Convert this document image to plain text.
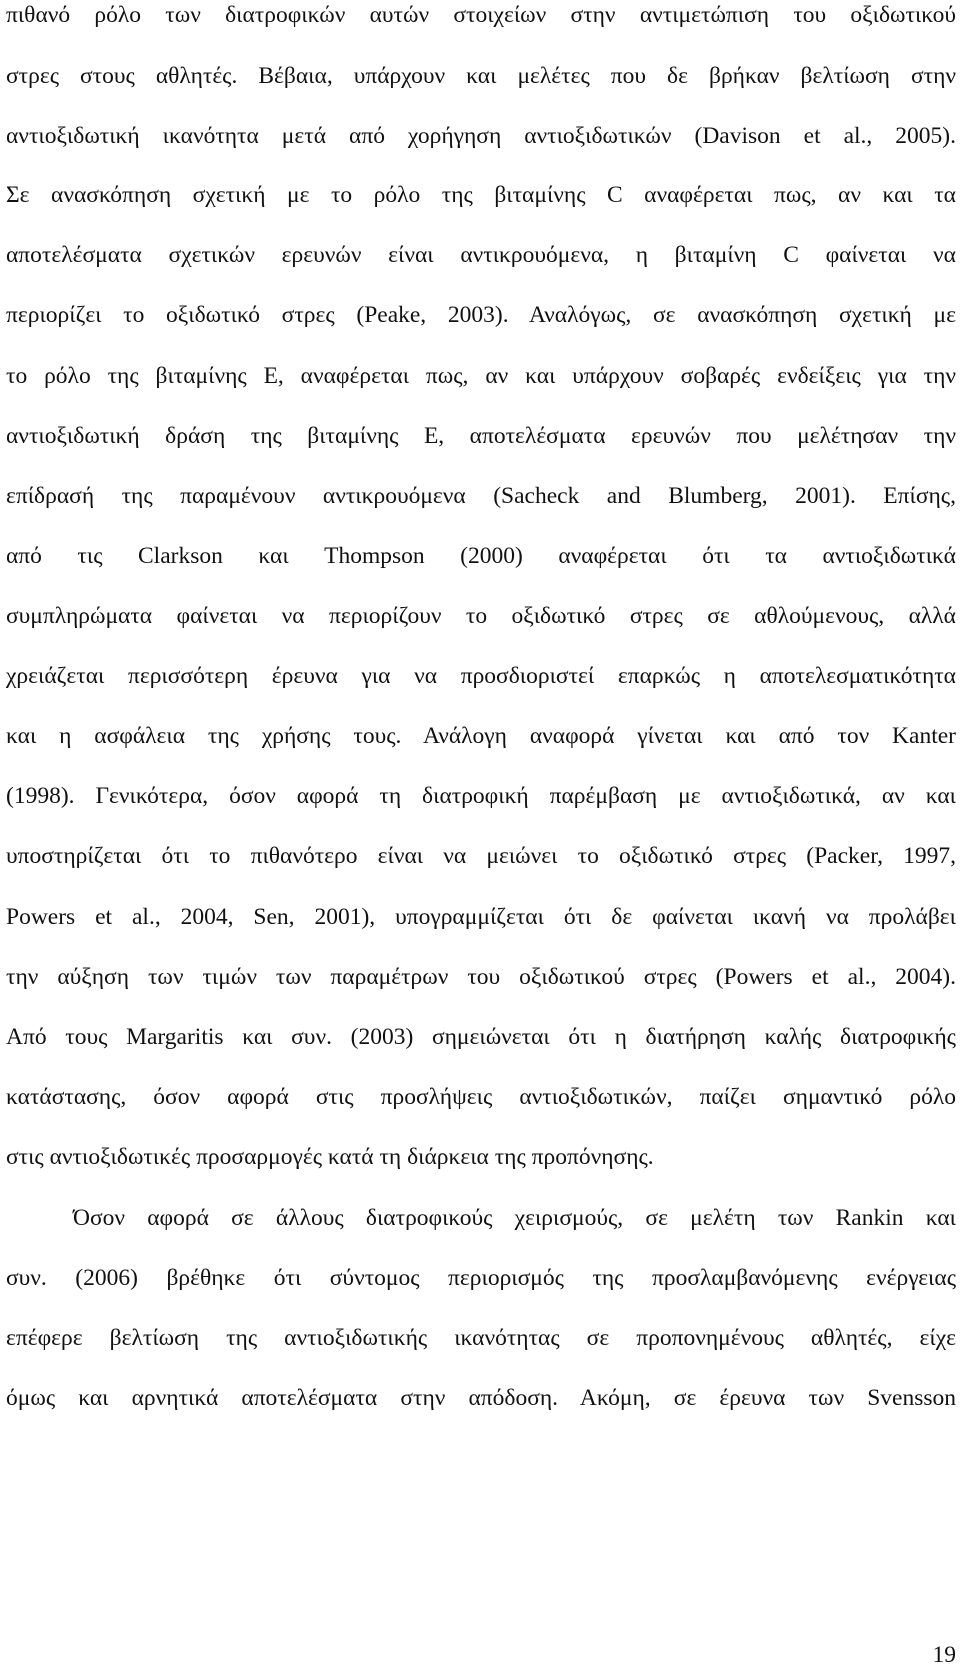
πιθανό ρόλο των διατροφικών αυτών στοιχείων στην αντιμετώπιση του οξιδωτικού
στρες στους αθλητές. Βέβαια, υπάρχουν και μελέτες που δε βρήκαν βελτίωση στην
αντιοξιδωτική ικανότητα μετά από χορήγηση αντιοξιδωτικών (Davison et al., 2005).
Σε ανασκόπηση σχετική με το ρόλο της βιταμίνης C αναφέρεται πως, αν και τα
αποτελέσματα σχετικών ερευνών είναι αντικρουόμενα, η βιταμίνη C φαίνεται να
περιορίζει το οξιδωτικό στρες (Peake, 2003). Αναλόγως, σε ανασκόπηση σχετική με
το ρόλο της βιταμίνης Ε, αναφέρεται πως, αν και υπάρχουν σοβαρές ενδείξεις για την
αντιοξιδωτική δράση της βιταμίνης Ε, αποτελέσματα ερευνών που μελέτησαν την
επίδρασή της παραμένουν αντικρουόμενα (Sacheck and Blumberg, 2001). Επίσης,
από τις Clarkson και Thompson (2000) αναφέρεται ότι τα αντιοξιδωτικά
συμπληρώματα φαίνεται να περιορίζουν το οξιδωτικό στρες σε αθλούμενους, αλλά
χρειάζεται περισσότερη έρευνα για να προσδιοριστεί επαρκώς η αποτελεσματικότητα
και η ασφάλεια της χρήσης τους. Ανάλογη αναφορά γίνεται και από τον Kanter
(1998). Γενικότερα, όσον αφορά τη διατροφική παρέμβαση με αντιοξιδωτικά, αν και
υποστηρίζεται ότι το πιθανότερο είναι να μειώνει το οξιδωτικό στρες (Packer, 1997,
Powers et al., 2004, Sen, 2001), υπογραμμίζεται ότι δε φαίνεται ικανή να προλάβει
την αύξηση των τιμών των παραμέτρων του οξιδωτικού στρες (Powers et al., 2004).
Από τους Margaritis και συν. (2003) σημειώνεται ότι η διατήρηση καλής διατροφικής
κατάστασης, όσον αφορά στις προσλήψεις αντιοξιδωτικών, παίζει σημαντικό ρόλο
στις αντιοξιδωτικές προσαρμογές κατά τη διάρκεια της προπόνησης.
Όσον αφορά σε άλλους διατροφικούς χειρισμούς, σε μελέτη των Rankin και
συν. (2006) βρέθηκε ότι σύντομος περιορισμός της προσλαμβανόμενης ενέργειας
επέφερε βελτίωση της αντιοξιδωτικής ικανότητας σε προπονημένους αθλητές, είχε
όμως και αρνητικά αποτελέσματα στην απόδοση. Ακόμη, σε έρευνα των Svensson
19
